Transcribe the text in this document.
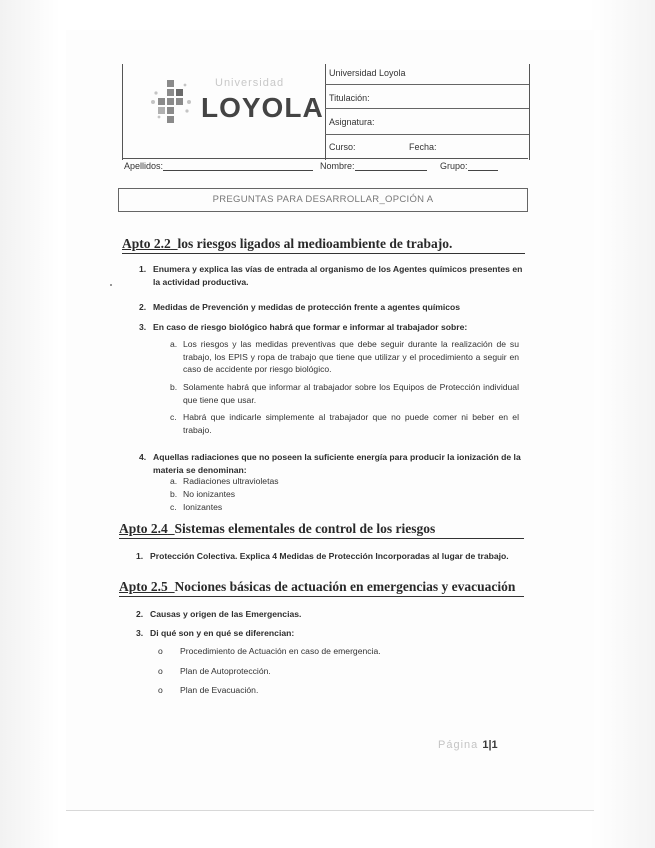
Universidad
LOYOLA
Universidad Loyola
Titulación:
Asignatura:
Curso:	Fecha:
Apellidos:	Nombre:	Grupo:
PREGUNTAS PARA DESARROLLAR_OPCIÓN A
Apto 2.2_los riesgos ligados al medioambiente de trabajo.
1. Enumera y explica las vías de entrada al organismo de los Agentes químicos presentes en la actividad productiva.
2. Medidas de Prevención y medidas de protección frente a agentes químicos
3. En caso de riesgo biológico habrá que formar e informar al trabajador sobre:
a. Los riesgos y las medidas preventivas que debe seguir durante la realización de su trabajo, los EPIS y ropa de trabajo que tiene que utilizar y el procedimiento a seguir en caso de accidente por riesgo biológico.
b. Solamente habrá que informar al trabajador sobre los Equipos de Protección individual que tiene que usar.
c. Habrá que indicarle simplemente al trabajador que no puede comer ni beber en el trabajo.
4. Aquellas radiaciones que no poseen la suficiente energía para producir la ionización de la materia se denominan:
a. Radiaciones ultravioletas
b. No ionizantes
c. Ionizantes
Apto 2.4_Sistemas elementales de control de los riesgos
1. Protección Colectiva. Explica 4 Medidas de Protección Incorporadas al lugar de trabajo.
Apto 2.5_Nociones básicas de actuación en emergencias y evacuación
2. Causas y origen de las Emergencias.
3. Di qué son y en qué se diferencian:
o Procedimiento de Actuación en caso de emergencia.
o Plan de Autoprotección.
o Plan de Evacuación.
Página 1|1
